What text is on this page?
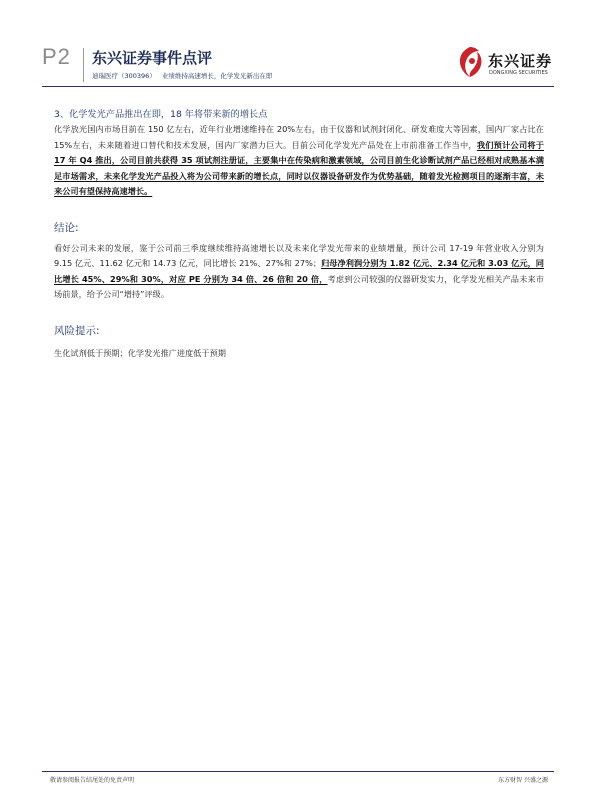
P2 东兴证券事件点评
迪瑞医疗（300396） 业绩维持高速增长，化学发光新出在即
东兴证券
DONGXING SECURITIES
3、化学发光产品推出在即，18 年将带来新的增长点
化学放光国内市场目前在 150 亿左右，近年行业增速维持在 20%左右，由于仪器和试剂封闭化、研发难度大等因素，国内厂家占比在 15%左右，未来随着进口替代和技术发展，国内厂家潜力巨大。目前公司化学发光产品处在上市前准备工作当中，我们预计公司将于 17 年 Q4 推出，公司目前共获得 35 项试剂注册证，主要集中在传染病和激素领域，公司目前生化诊断试剂产品已经相对成熟基本满足市场需求，未来化学发光产品投入将为公司带来新的增长点，同时以仪器设备研发作为优势基础，随着发光检测项目的逐渐丰富，未来公司有望保持高速增长。
结论:
看好公司未来的发展，鉴于公司前三季度继续维持高速增长以及未来化学发光带来的业绩增量，预计公司 17-19 年营业收入分别为 9.15 亿元、11.62 亿元和 14.73 亿元，同比增长 21%、27%和 27%；归母净利润分别为 1.82 亿元、2.34 亿元和 3.03 亿元，同比增长 45%、29%和 30%，对应 PE 分别为 34 倍、26 倍和 20 倍，考虑到公司较强的仪器研发实力，化学发光相关产品未来市场前景，给予公司“增持”评级。
风险提示:
生化试剂低于预期；化学发光推广进度低于预期
敬请参阅报告结尾处的免责声明	东方财智 兴盛之源
